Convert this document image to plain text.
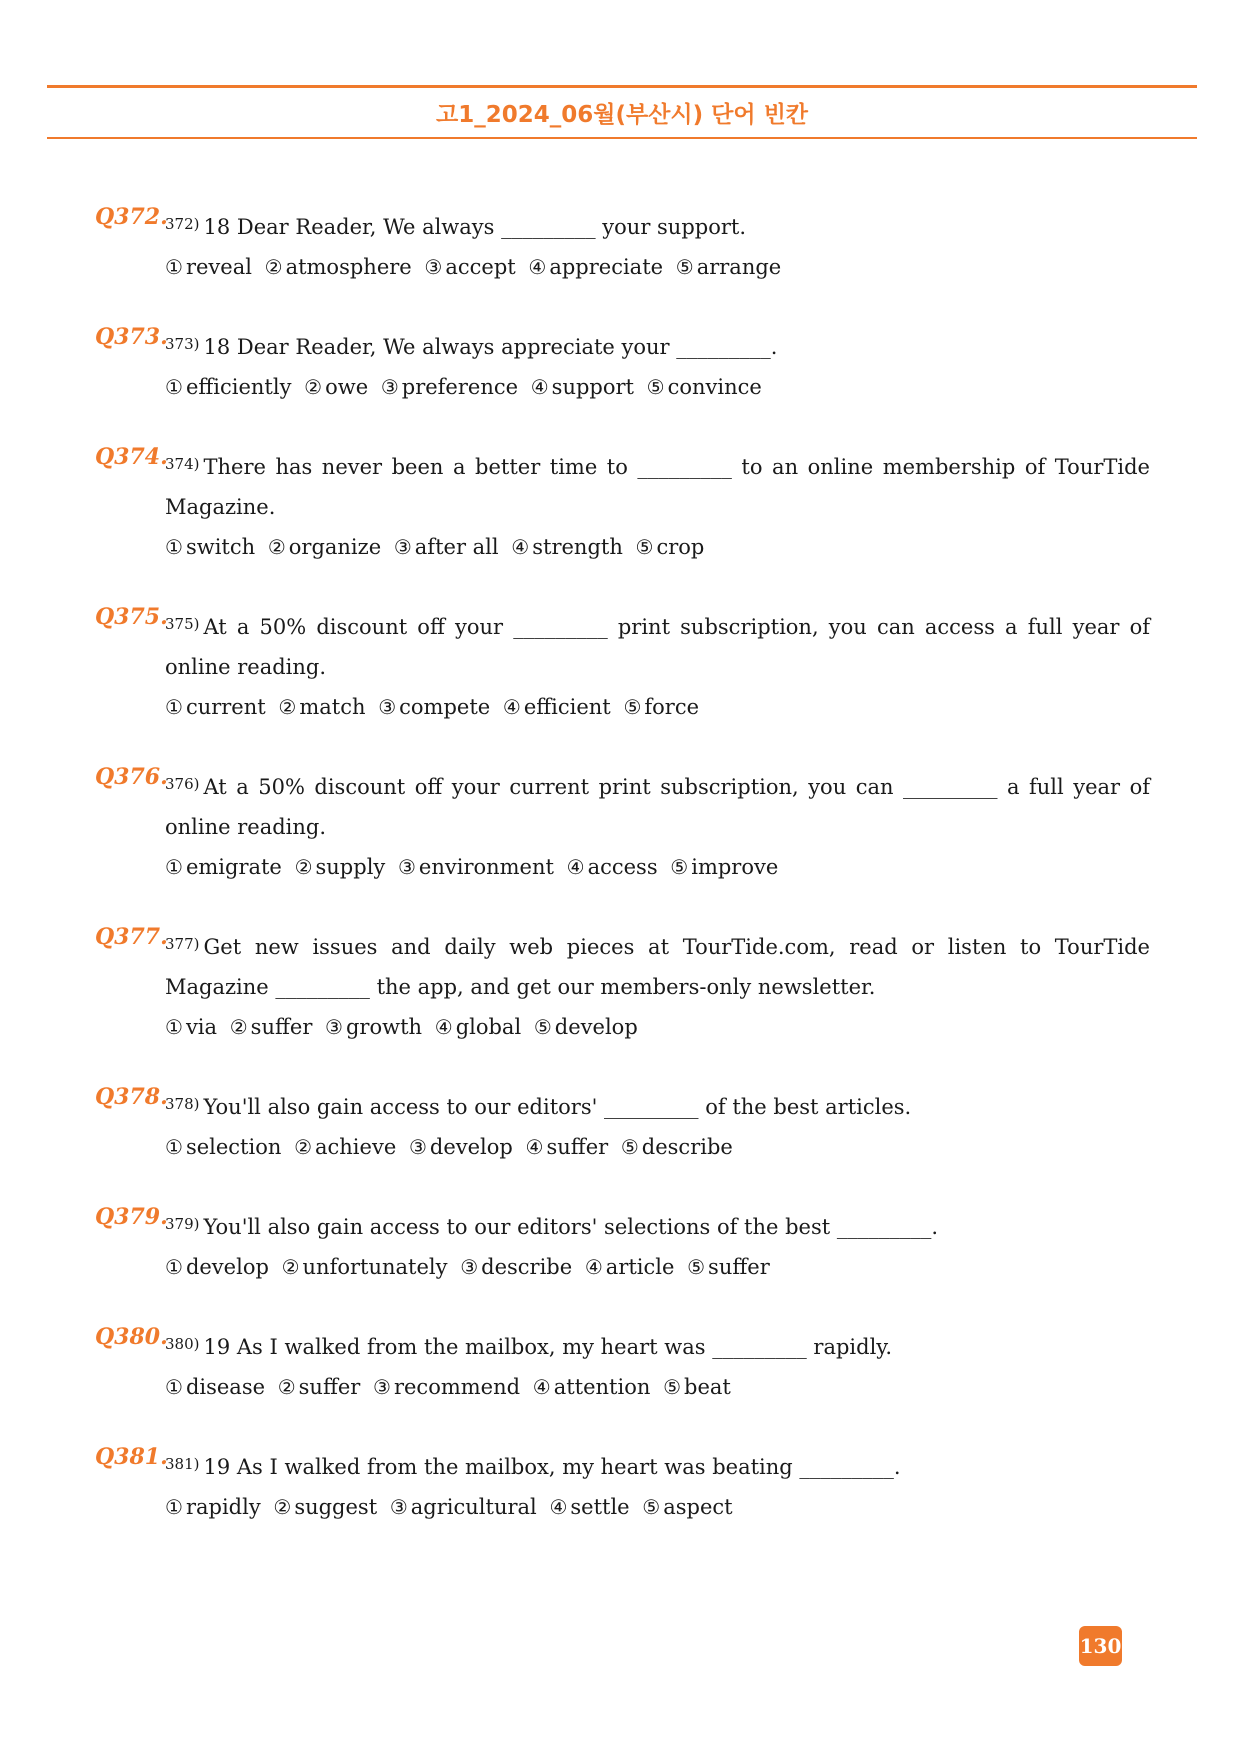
고1_2024_06월(부산시) 단어 빈칸
Q372.
$^{372)}$ 18 Dear Reader, We always _________ your support.
① reveal ② atmosphere ③ accept ④ appreciate ⑤ arrange
Q373.
$^{373)}$ 18 Dear Reader, We always appreciate your _________.
① efficiently ② owe ③ preference ④ support ⑤ convince
Q374.
$^{374)}$ There has never been a better time to _________ to an online membership of TourTide Magazine.
① switch ② organize ③ after all ④ strength ⑤ crop
Q375.
$^{375)}$ At a 50% discount off your _________ print subscription, you can access a full year of online reading.
① current ② match ③ compete ④ efficient ⑤ force
Q376.
$^{376)}$ At a 50% discount off your current print subscription, you can _________ a full year of online reading.
① emigrate ② supply ③ environment ④ access ⑤ improve
Q377.
$^{377)}$ Get new issues and daily web pieces at TourTide.com, read or listen to TourTide Magazine _________ the app, and get our members-only newsletter.
① via ② suffer ③ growth ④ global ⑤ develop
Q378.
$^{378)}$ You'll also gain access to our editors' _________ of the best articles.
① selection ② achieve ③ develop ④ suffer ⑤ describe
Q379.
$^{379)}$ You'll also gain access to our editors' selections of the best _________.
① develop ② unfortunately ③ describe ④ article ⑤ suffer
Q380.
$^{380)}$ 19 As I walked from the mailbox, my heart was _________ rapidly.
① disease ② suffer ③ recommend ④ attention ⑤ beat
Q381.
$^{381)}$ 19 As I walked from the mailbox, my heart was beating _________.
① rapidly ② suggest ③ agricultural ④ settle ⑤ aspect
130
